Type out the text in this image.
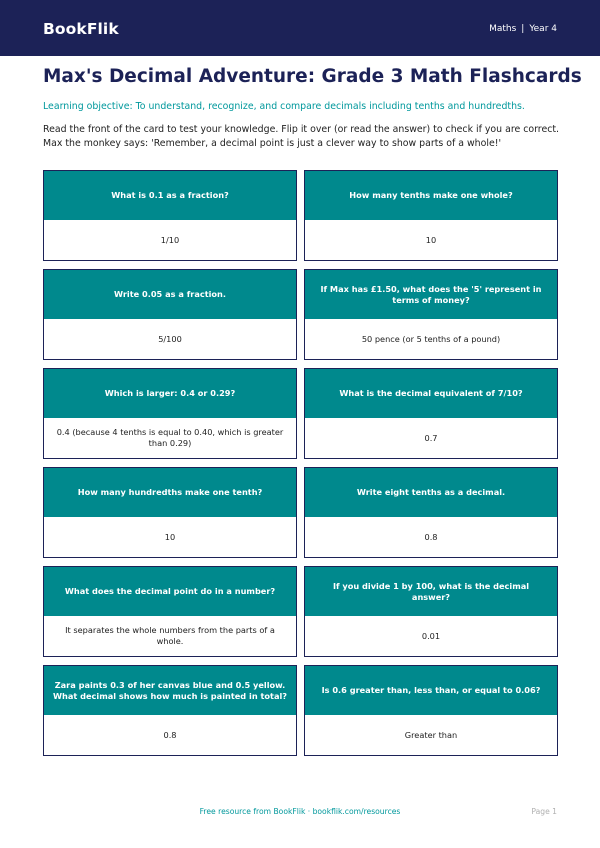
BookFlik	Maths | Year 4
Max's Decimal Adventure: Grade 3 Math Flashcards
Learning objective: To understand, recognize, and compare decimals including tenths and hundredths.
Read the front of the card to test your knowledge. Flip it over (or read the answer) to check if you are correct. Max the monkey says: 'Remember, a decimal point is just a clever way to show parts of a whole!'
What is 0.1 as a fraction?
1/10
How many tenths make one whole?
10
Write 0.05 as a fraction.
5/100
If Max has £1.50, what does the '5' represent in terms of money?
50 pence (or 5 tenths of a pound)
Which is larger: 0.4 or 0.29?
0.4 (because 4 tenths is equal to 0.40, which is greater than 0.29)
What is the decimal equivalent of 7/10?
0.7
How many hundredths make one tenth?
10
Write eight tenths as a decimal.
0.8
What does the decimal point do in a number?
It separates the whole numbers from the parts of a whole.
If you divide 1 by 100, what is the decimal answer?
0.01
Zara paints 0.3 of her canvas blue and 0.5 yellow. What decimal shows how much is painted in total?
0.8
Is 0.6 greater than, less than, or equal to 0.06?
Greater than
Free resource from BookFlik · bookflik.com/resources	Page 1
